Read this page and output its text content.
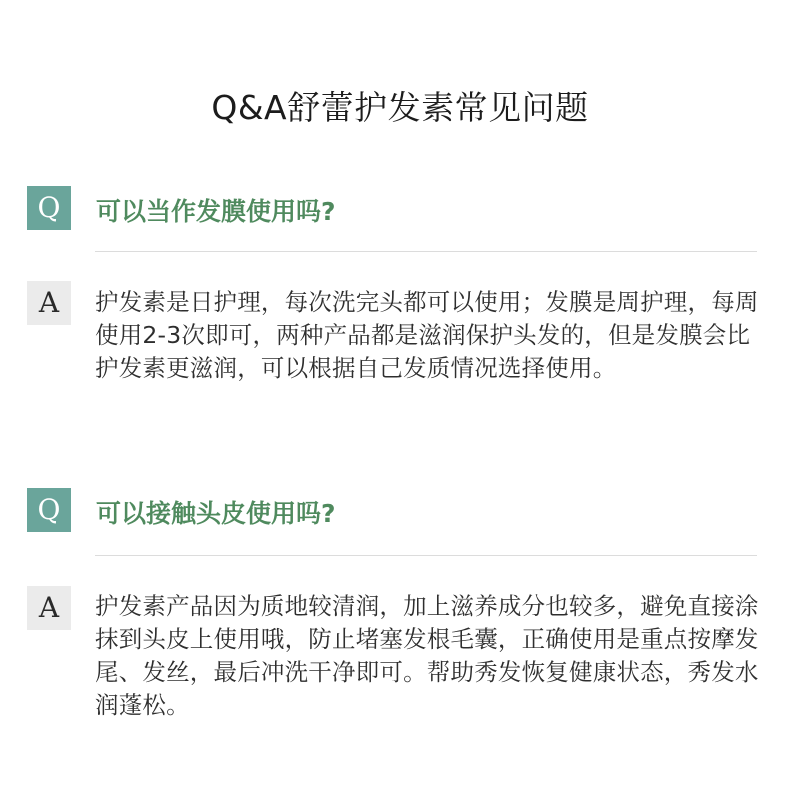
Q&A舒蕾护发素常见问题
Q	可以当作发膜使用吗?
A	护发素是日护理，每次洗完头都可以使用；发膜是周护理，每周使用2-3次即可，两种产品都是滋润保护头发的，但是发膜会比护发素更滋润，可以根据自己发质情况选择使用。
Q	可以接触头皮使用吗?
A	护发素产品因为质地较清润，加上滋养成分也较多，避免直接涂抹到头皮上使用哦，防止堵塞发根毛囊，正确使用是重点按摩发尾、发丝，最后冲洗干净即可。帮助秀发恢复健康状态，秀发水润蓬松。
